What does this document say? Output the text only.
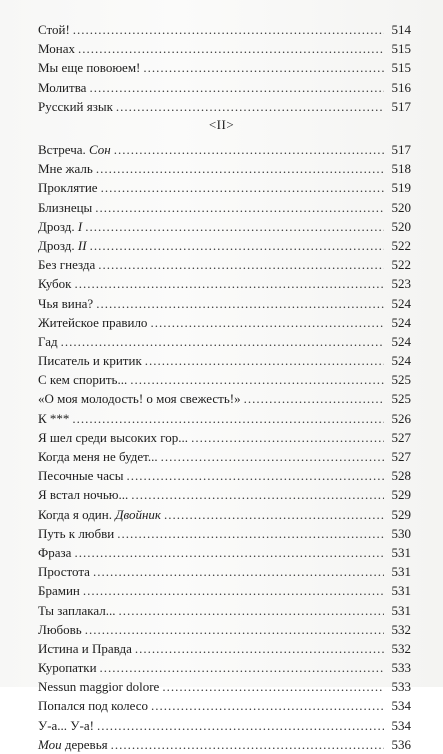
Стой! .....	514
Монах .....	515
Мы еще повоюем! .....	515
Молитва .....	516
Русский язык .....	517
<II>
Встреча. Сон .....	517
Мне жаль .....	518
Проклятие .....	519
Близнецы .....	520
Дрозд. I .....	520
Дрозд. II .....	522
Без гнезда .....	522
Кубок .....	523
Чья вина? .....	524
Житейское правило .....	524
Гад .....	524
Писатель и критик .....	524
С кем спорить... .....	525
«О моя молодость! о моя свежесть!» .....	525
К *** .....	526
Я шел среди высоких гор... .....	527
Когда меня не будет... .....	527
Песочные часы .....	528
Я встал ночью... .....	529
Когда я один. Двойник .....	529
Путь к любви .....	530
Фраза .....	531
Простота .....	531
Брамин .....	531
Ты заплакал... .....	531
Любовь .....	532
Истина и Правда .....	532
Куропатки .....	533
Nessun maggior dolore .....	533
Попался под колесо .....	534
У-а... У-а! .....	534
Мои деревья .....	536
